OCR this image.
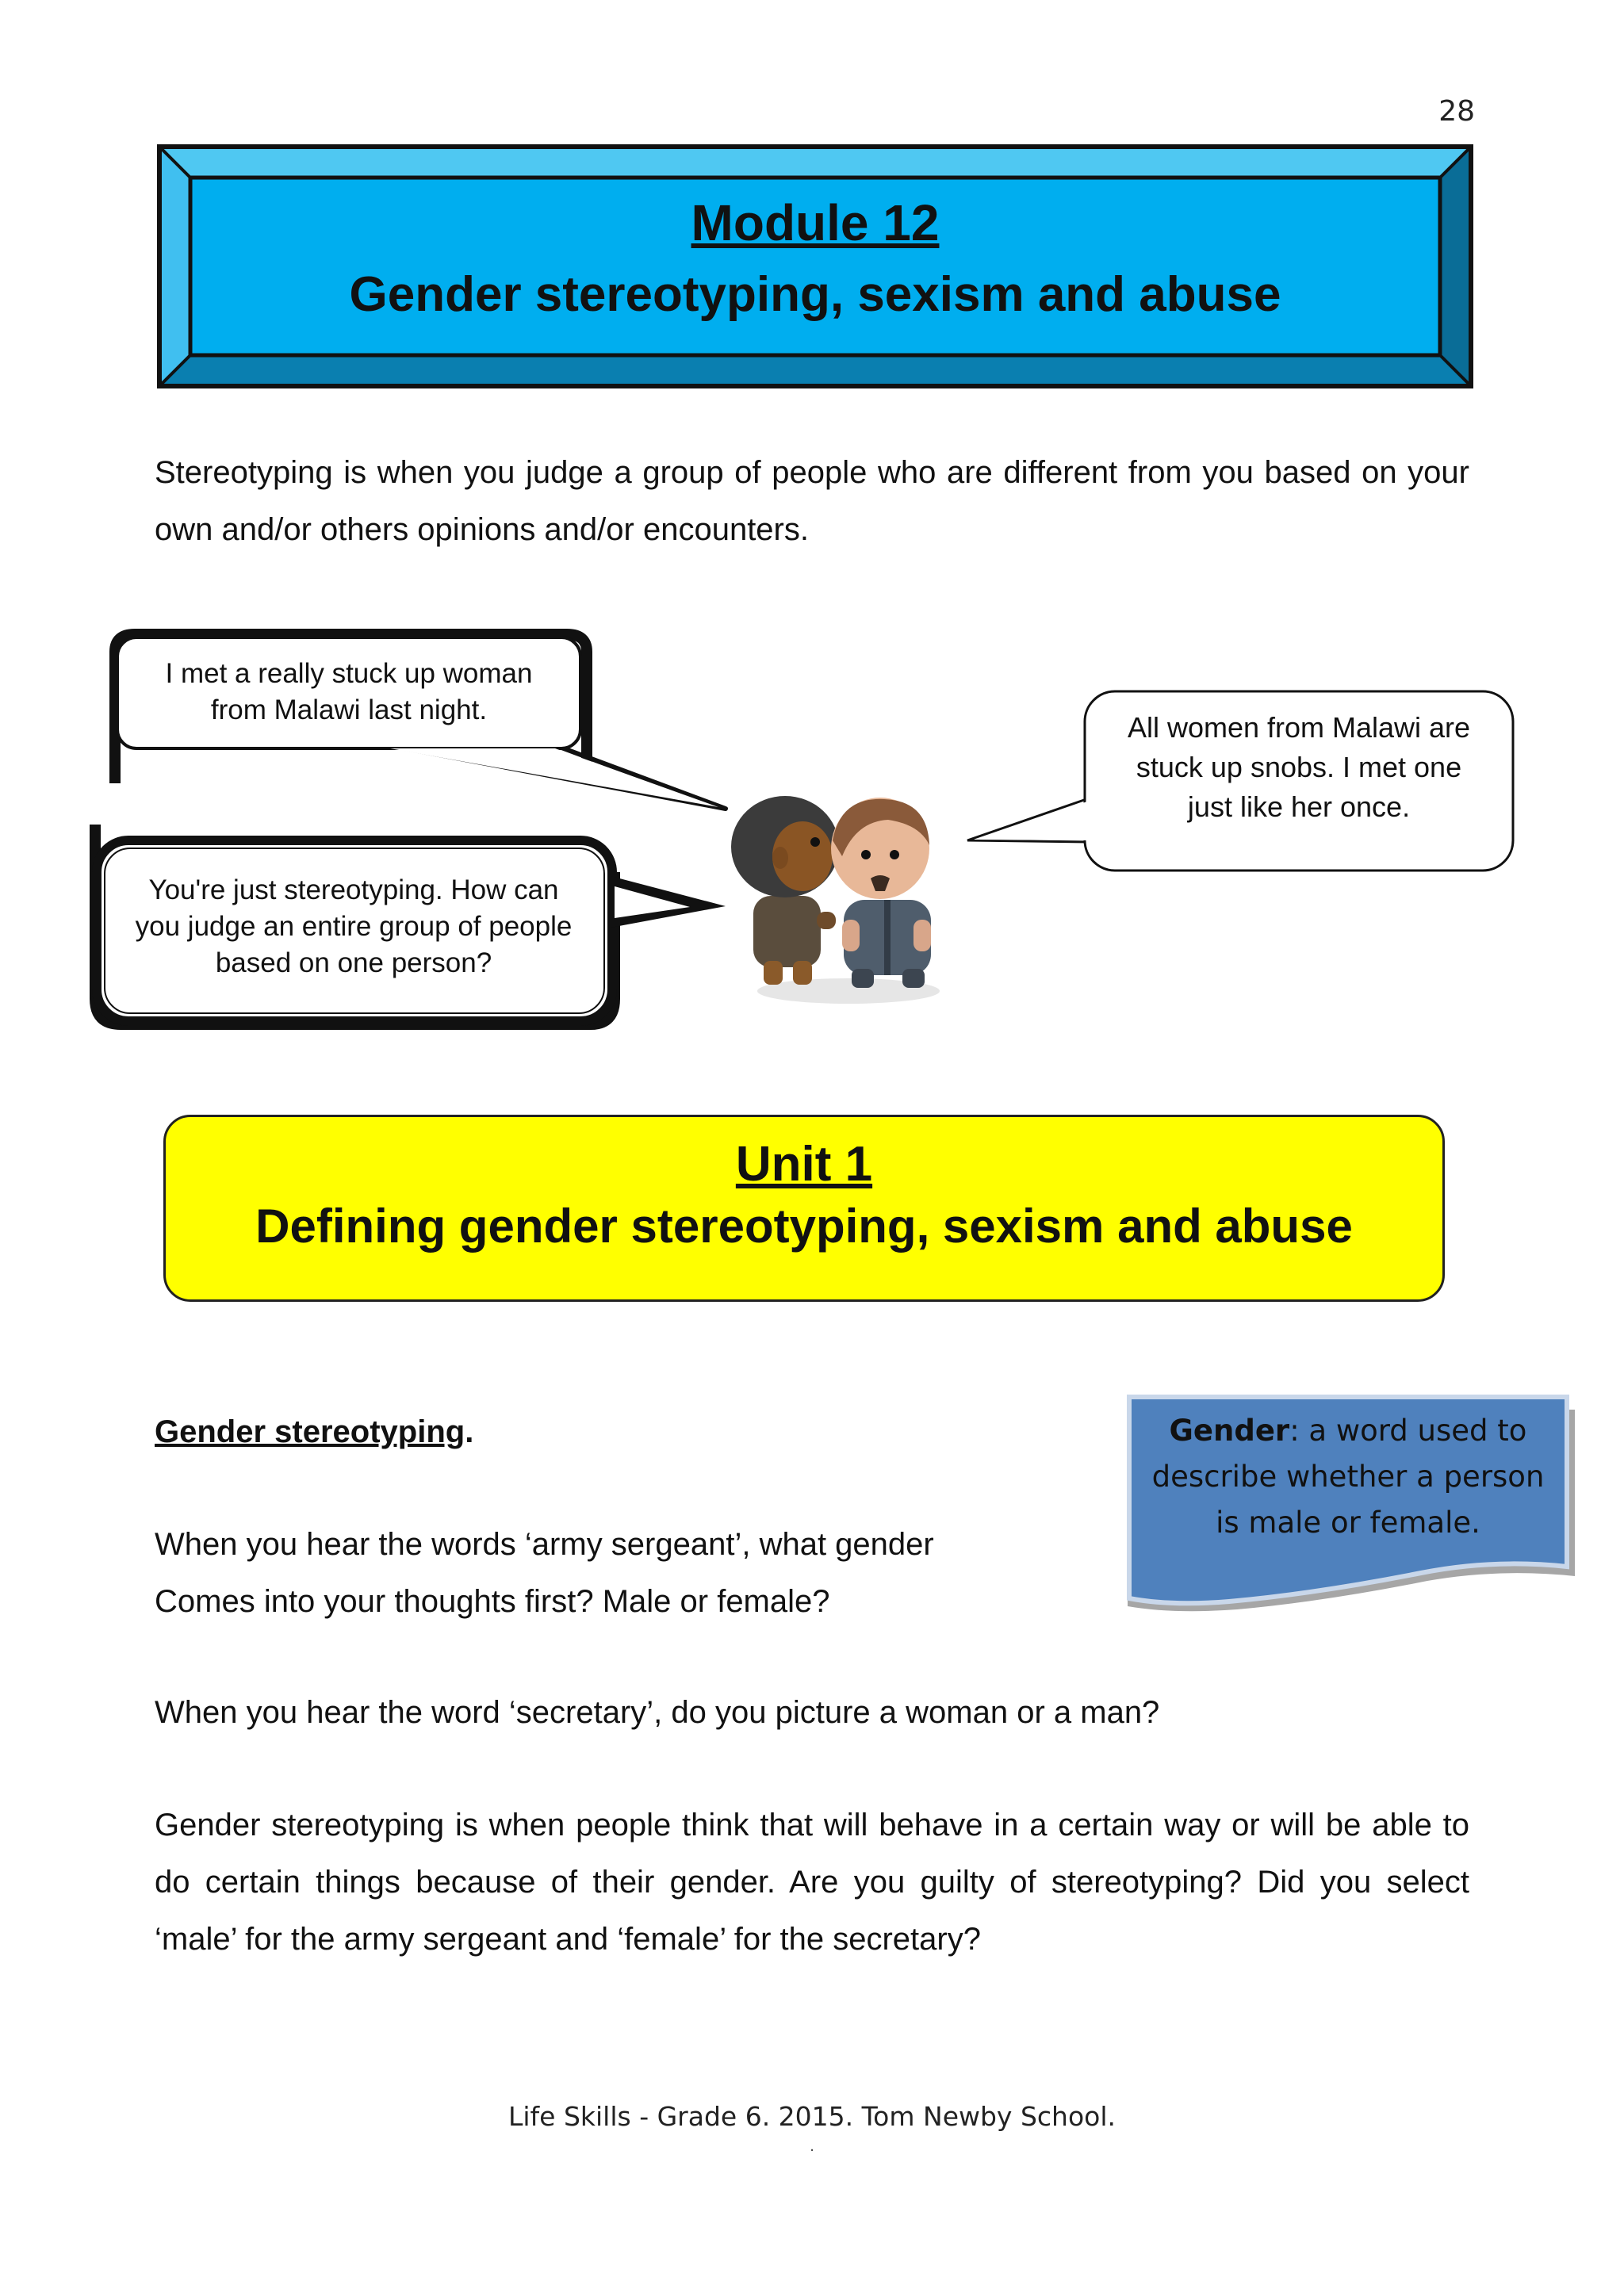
28
Module 12
Gender stereotyping, sexism and abuse
Stereotyping is when you judge a group of people who are different from you based on your own and/or others opinions and/or encounters.
I met a really stuck up woman
from Malawi last night.
You're just stereotyping. How can
you judge an entire group of people
based on one person?
All women from Malawi are
stuck up snobs. I met one
just like her once.
Unit 1
Defining gender stereotyping, sexism and abuse
Gender stereotyping.	Gender: a word used to describe whether a person is male or female.
When you hear the words ‘army sergeant’, what gender
Comes into your thoughts first? Male or female?
When you hear the word ‘secretary’, do you picture a woman or a man?
Gender stereotyping is when people think that will behave in a certain way or will be able to do certain things because of their gender. Are you guilty of stereotyping? Did you select ‘male’ for the army sergeant and ‘female’ for the secretary?
Life Skills - Grade 6. 2015. Tom Newby School.
.
